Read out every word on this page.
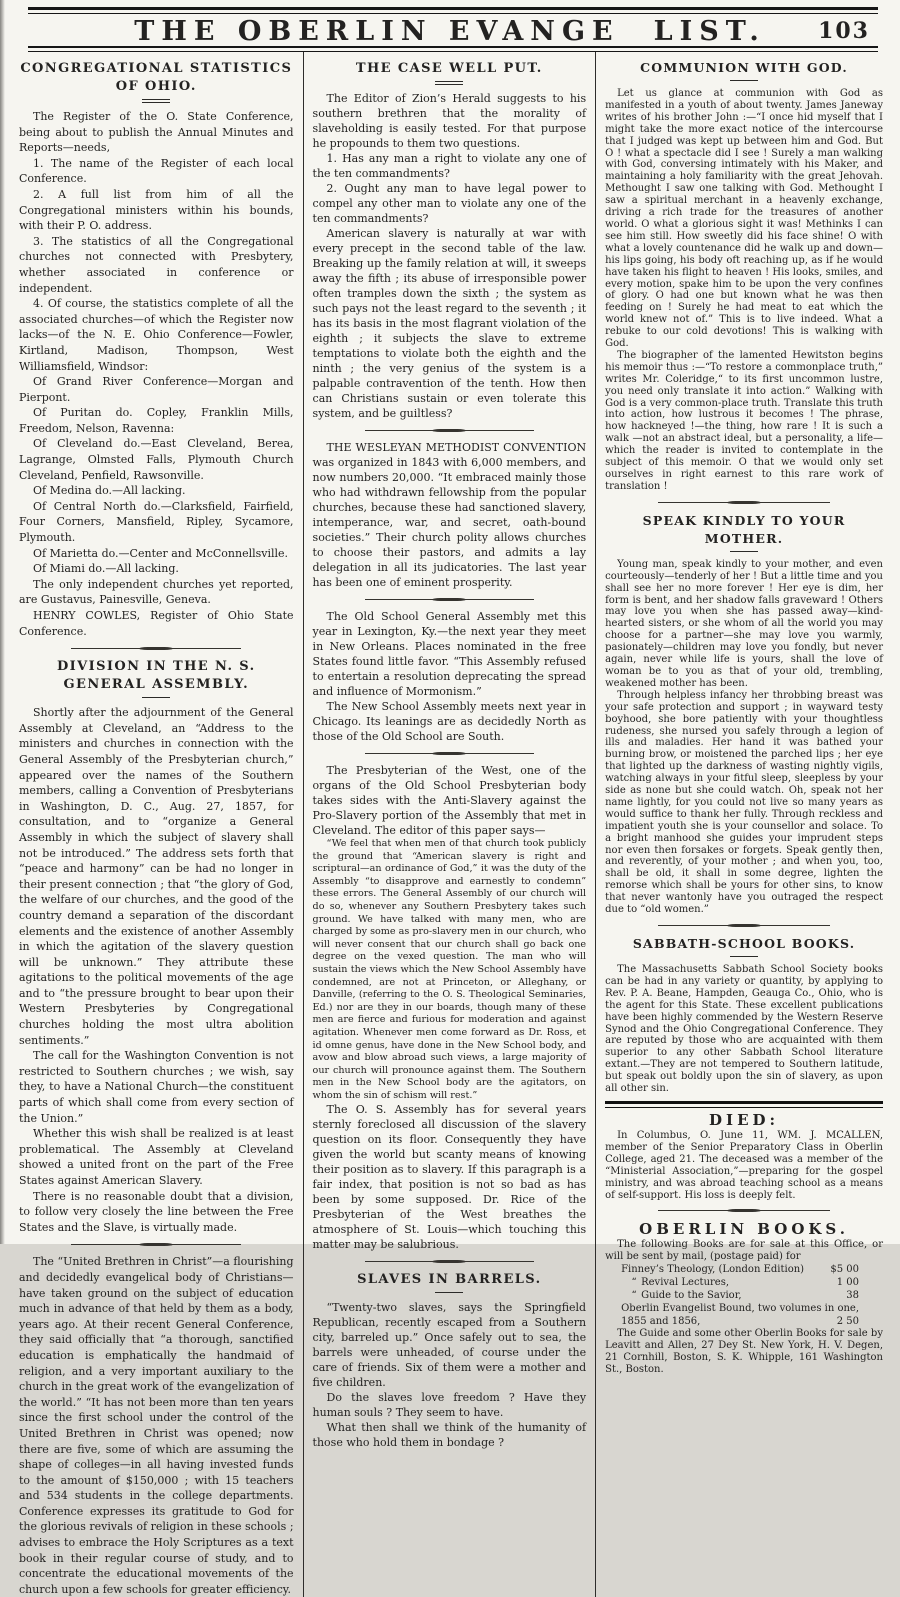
THE OBERLIN EVANGE LIST.	103
CONGREGATIONAL STATISTICS OF OHIO.

The Register of the O. State Conference, being about to publish the Annual Minutes and Reports—needs,

1. The name of the Register of each local Conference.

2. A full list from him of all the Congregational ministers within his bounds, with their P. O. address.

3. The statistics of all the Congregational churches not connected with Presbytery, whether associated in conference or independent.

4. Of course, the statistics complete of all the associated churches—of which the Register now lacks—of the N. E. Ohio Conference—Fowler, Kirtland, Madison, Thompson, West Williamsfield, Windsor:

Of Grand River Conference—Morgan and Pierpont.

Of Puritan do. Copley, Franklin Mills, Freedom, Nelson, Ravenna:

Of Cleveland do.—East Cleveland, Berea, Lagrange, Olmsted Falls, Plymouth Church Cleveland, Penfield, Rawsonville.

Of Medina do.—All lacking.

Of Central North do.—Clarksfield, Fairfield, Four Corners, Mansfield, Ripley, Sycamore, Plymouth.

Of Marietta do.—Center and McConnellsville.

Of Miami do.—All lacking.

The only independent churches yet reported, are Gustavus, Painesville, Geneva.

HENRY COWLES, Register of Ohio State Conference.

DIVISION IN THE N. S. GENERAL ASSEMBLY.

Shortly after the adjournment of the General Assembly at Cleveland, an “Address to the ministers and churches in connection with the General Assembly of the Presbyterian church,” appeared over the names of the Southern members, calling a Convention of Presbyterians in Washington, D. C., Aug. 27, 1857, for consultation, and to “organize a General Assembly in which the subject of slavery shall not be introduced.” The address sets forth that “peace and harmony” can be had no longer in their present connection ; that “the glory of God, the welfare of our churches, and the good of the country demand a separation of the discordant elements and the existence of another Assembly in which the agitation of the slavery question will be unknown.” They attribute these agitations to the political movements of the age and to “the pressure brought to bear upon their Western Presbyteries by Congregational churches holding the most ultra abolition sentiments.”

The call for the Washington Convention is not restricted to Southern churches ; we wish, say they, to have a National Church—the constituent parts of which shall come from every section of the Union.”

Whether this wish shall be realized is at least problematical. The Assembly at Cleveland showed a united front on the part of the Free States against American Slavery.

There is no reasonable doubt that a division, to follow very closely the line between the Free States and the Slave, is virtually made.

The “United Brethren in Christ”—a flourishing and decidedly evangelical body of Christians—have taken ground on the subject of education much in advance of that held by them as a body, years ago. At their recent General Conference, they said officially that “a thorough, sanctified education is emphatically the handmaid of religion, and a very important auxiliary to the church in the great work of the evangelization of the world.” “It has not been more than ten years since the first school under the control of the United Brethren in Christ was opened; now there are five, some of which are assuming the shape of colleges—in all having invested funds to the amount of $150,000 ; with 15 teachers and 534 students in the college departments. Conference expresses its gratitude to God for the glorious revivals of religion in these schools ; advises to embrace the Holy Scriptures as a text book in their regular course of study, and to concentrate the educational movements of the church upon a few schools for greater efficiency.

THE CASE WELL PUT.

The Editor of Zion’s Herald suggests to his southern brethren that the morality of slaveholding is easily tested. For that purpose he propounds to them two questions.

1. Has any man a right to violate any one of the ten commandments?

2. Ought any man to have legal power to compel any other man to violate any one of the ten commandments?

American slavery is naturally at war with every precept in the second table of the law. Breaking up the family relation at will, it sweeps away the fifth ; its abuse of irresponsible power often tramples down the sixth ; the system as such pays not the least regard to the seventh ; it has its basis in the most flagrant violation of the eighth ; it subjects the slave to extreme temptations to violate both the eighth and the ninth ; the very genius of the system is a palpable contravention of the tenth. How then can Christians sustain or even tolerate this system, and be guiltless?

THE WESLEYAN METHODIST CONVENTION was organized in 1843 with 6,000 members, and now numbers 20,000. “It embraced mainly those who had withdrawn fellowship from the popular churches, because these had sanctioned slavery, intemperance, war, and secret, oath-bound societies.” Their church polity allows churches to choose their pastors, and admits a lay delegation in all its judicatories. The last year has been one of eminent prosperity.

The Old School General Assembly met this year in Lexington, Ky.—the next year they meet in New Orleans. Places nominated in the free States found little favor. “This Assembly refused to entertain a resolution deprecating the spread and influence of Mormonism.”

The New School Assembly meets next year in Chicago. Its leanings are as decidedly North as those of the Old School are South.

The Presbyterian of the West, one of the organs of the Old School Presbyterian body takes sides with the Anti-Slavery against the Pro-Slavery portion of the Assembly that met in Cleveland. The editor of this paper says—

“We feel that when men of that church took publicly the ground that “American slavery is right and scriptural—an ordinance of God,” it was the duty of the Assembly “to disapprove and earnestly to condemn” these errors. The General Assembly of our church will do so, whenever any Southern Presbytery takes such ground. We have talked with many men, who are charged by some as pro-slavery men in our church, who will never consent that our church shall go back one degree on the vexed question. The man who will sustain the views which the New School Assembly have condemned, are not at Princeton, or Alleghany, or Danville, (referring to the O. S. Theological Seminaries, Ed.) nor are they in our boards, though many of these men are fierce and furious for moderation and against agitation. Whenever men come forward as Dr. Ross, et id omne genus, have done in the New School body, and avow and blow abroad such views, a large majority of our church will pronounce against them. The Southern men in the New School body are the agitators, on whom the sin of schism will rest.”

The O. S. Assembly has for several years sternly foreclosed all discussion of the slavery question on its floor. Consequently they have given the world but scanty means of knowing their position as to slavery. If this paragraph is a fair index, that position is not so bad as has been by some supposed. Dr. Rice of the Presbyterian of the West breathes the atmosphere of St. Louis—which touching this matter may be salubrious.

SLAVES IN BARRELS.

“Twenty-two slaves, says the Springfield Republican, recently escaped from a Southern city, barreled up.” Once safely out to sea, the barrels were unheaded, of course under the care of friends. Six of them were a mother and five children.

Do the slaves love freedom ? Have they human souls ? They seem to have.

What then shall we think of the humanity of those who hold them in bondage ?

COMMUNION WITH GOD.

Let us glance at communion with God as manifested in a youth of about twenty. James Janeway writes of his brother John :—“I once hid myself that I might take the more exact notice of the intercourse that I judged was kept up between him and God. But O ! what a spectacle did I see ! Surely a man walking with God, conversing intimately with his Maker, and maintaining a holy familiarity with the great Jehovah. Methought I saw one talking with God. Methought I saw a spiritual merchant in a heavenly exchange, driving a rich trade for the treasures of another world. O what a glorious sight it was! Methinks I can see him still. How sweetly did his face shine! O with what a lovely countenance did he walk up and down— his lips going, his body oft reaching up, as if he would have taken his flight to heaven ! His looks, smiles, and every motion, spake him to be upon the very confines of glory. O had one but known what he was then feeding on ! Surely he had meat to eat which the world knew not of.” This is to live indeed. What a rebuke to our cold devotions! This is walking with God.

The biographer of the lamented Hewitston begins his memoir thus :—“To restore a commonplace truth,” writes Mr. Coleridge,“ to its first uncommon lustre, you need only translate it into action.” Walking with God is a very common-place truth. Translate this truth into action, how lustrous it becomes ! The phrase, how hackneyed !—the thing, how rare ! It is such a walk —not an abstract ideal, but a personality, a life—which the reader is invited to contemplate in the subject of this memoir. O that we would only set ourselves in right earnest to this rare work of translation !

SPEAK KINDLY TO YOUR MOTHER.

Young man, speak kindly to your mother, and even courteously—tenderly of her ! But a little time and you shall see her no more forever ! Her eye is dim, her form is bent, and her shadow falls graveward ! Others may love you when she has passed away—kind-hearted sisters, or she whom of all the world you may choose for a partner—she may love you warmly, pasionately—children may love you fondly, but never again, never while life is yours, shall the love of woman be to you as that of your old, trembling, weakened mother has been.

Through helpless infancy her throbbing breast was your safe protection and support ; in wayward testy boyhood, she bore patiently with your thoughtless rudeness, she nursed you safely through a legion of ills and maladies. Her hand it was bathed your burning brow, or moistened the parched lips ; her eye that lighted up the darkness of wasting nightly vigils, watching always in your fitful sleep, sleepless by your side as none but she could watch. Oh, speak not her name lightly, for you could not live so many years as would suffice to thank her fully. Through reckless and impatient youth she is your counsellor and solace. To a bright manhood she guides your imprudent steps nor even then forsakes or forgets. Speak gently then, and reverently, of your mother ; and when you, too, shall be old, it shall in some degree, lighten the remorse which shall be yours for other sins, to know that never wantonly have you outraged the respect due to “old women.”

SABBATH-SCHOOL BOOKS.

The Massachusetts Sabbath School Society books can be had in any variety or quantity, by applying to Rev. P. A. Beane, Hampden, Geauga Co., Ohio, who is the agent for this State. These excellent publications have been highly commended by the Western Reserve Synod and the Ohio Congregational Conference. They are reputed by those who are acquainted with them superior to any other Sabbath School literature extant.—They are not tempered to Southern latitude, but speak out boldly upon the sin of slavery, as upon all other sin.

DIED:

In Columbus, O. June 11, WM. J. MCALLEN, member of the Senior Preparatory Class in Oberlin College, aged 21. The deceased was a member of the “Ministerial Association,”—preparing for the gospel ministry, and was abroad teaching school as a means of self-support. His loss is deeply felt.

OBERLIN BOOKS.

The following Books are for sale at this Office, or will be sent by mail, (postage paid) for

Finney’s Theology, (London Edition)	$5 00
“ Revival Lectures,	1 00
“ Guide to the Savior,	38
Oberlin Evangelist Bound, two volumes in one,
1855 and 1856,	2 50

The Guide and some other Oberlin Books for sale by Leavitt and Allen, 27 Dey St. New York, H. V. Degen, 21 Cornhill, Boston, S. K. Whipple, 161 Washington St., Boston.
